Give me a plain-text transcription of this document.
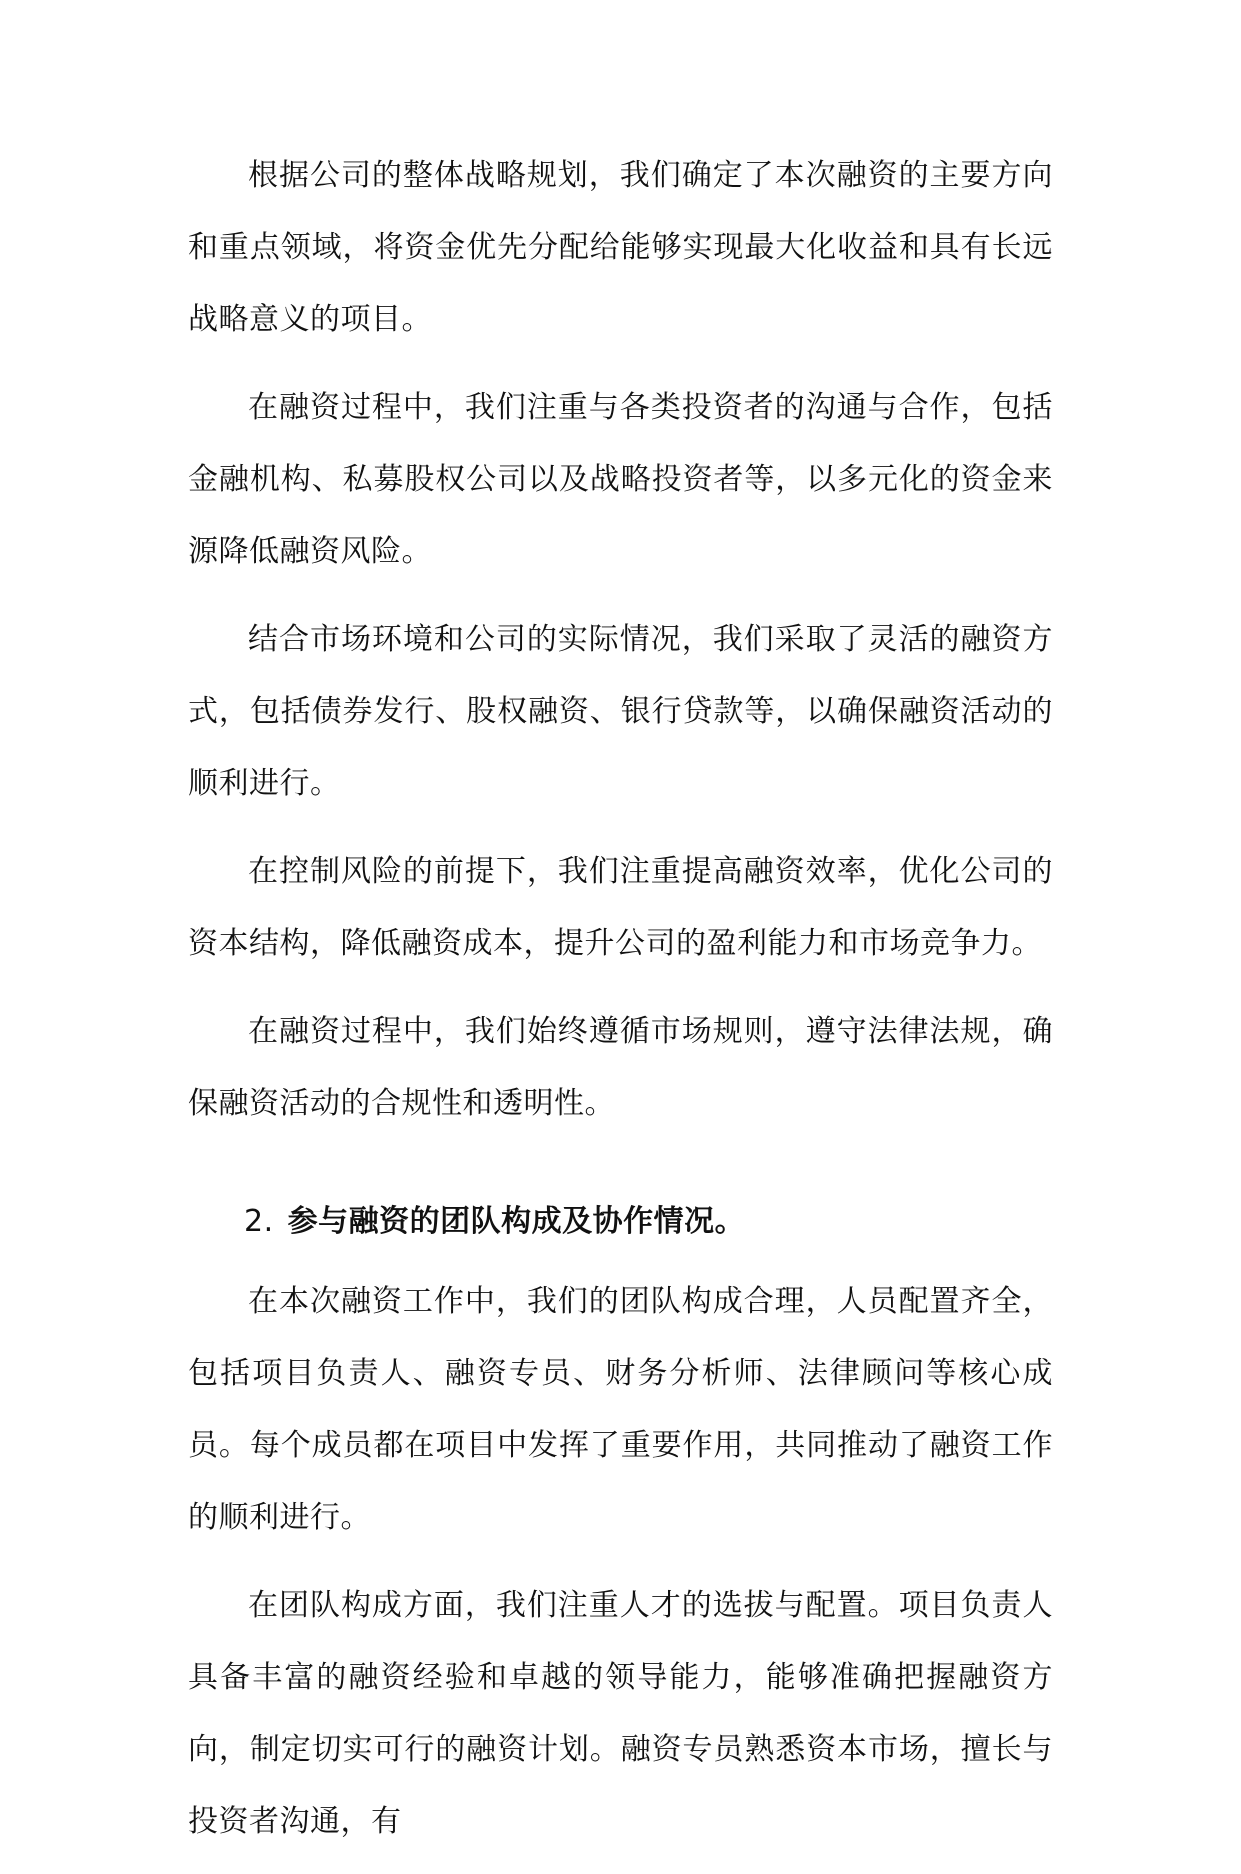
根据公司的整体战略规划，我们确定了本次融资的主要方向和重点领域，将资金优先分配给能够实现最大化收益和具有长远战略意义的项目。

在融资过程中，我们注重与各类投资者的沟通与合作，包括金融机构、私募股权公司以及战略投资者等，以多元化的资金来源降低融资风险。

结合市场环境和公司的实际情况，我们采取了灵活的融资方式，包括债券发行、股权融资、银行贷款等，以确保融资活动的顺利进行。

在控制风险的前提下，我们注重提高融资效率，优化公司的资本结构，降低融资成本，提升公司的盈利能力和市场竞争力。

在融资过程中，我们始终遵循市场规则，遵守法律法规，确保融资活动的合规性和透明性。

2. 参与融资的团队构成及协作情况。

在本次融资工作中，我们的团队构成合理，人员配置齐全，包括项目负责人、融资专员、财务分析师、法律顾问等核心成员。每个成员都在项目中发挥了重要作用，共同推动了融资工作的顺利进行。

在团队构成方面，我们注重人才的选拔与配置。项目负责人具备丰富的融资经验和卓越的领导能力，能够准确把握融资方向，制定切实可行的融资计划。融资专员熟悉资本市场，擅长与投资者沟通，有
